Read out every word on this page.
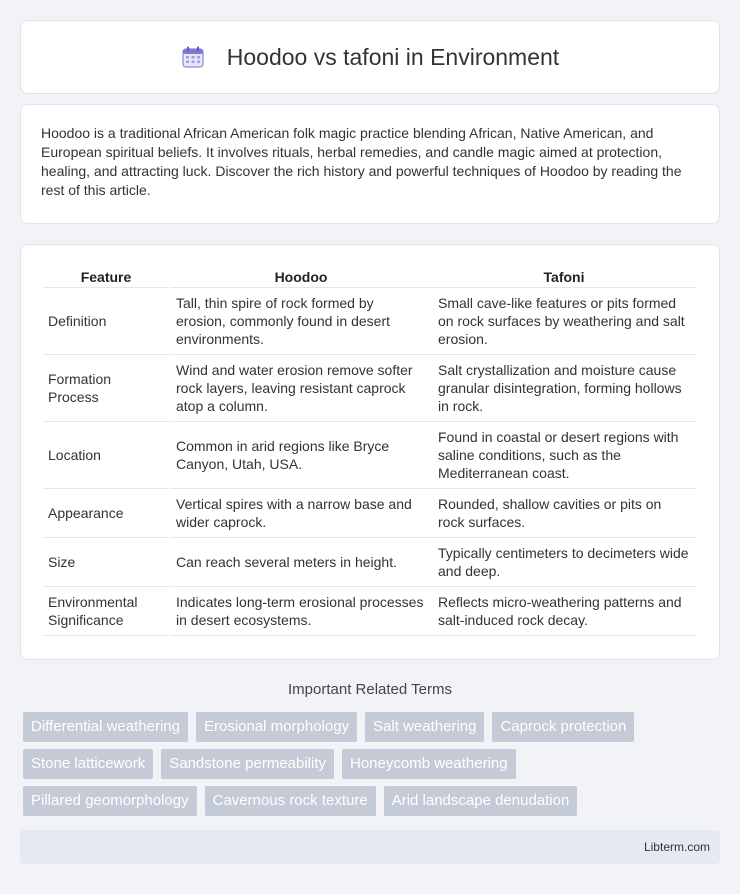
Hoodoo vs tafoni in Environment

Hoodoo is a traditional African American folk magic practice blending African, Native American, and European spiritual beliefs. It involves rituals, herbal remedies, and candle magic aimed at protection, healing, and attracting luck. Discover the rich history and powerful techniques of Hoodoo by reading the rest of this article.

Feature	Hoodoo	Tafoni
Definition	Tall, thin spire of rock formed by erosion, commonly found in desert environments.	Small cave-like features or pits formed on rock surfaces by weathering and salt erosion.
Formation Process	Wind and water erosion remove softer rock layers, leaving resistant caprock atop a column.	Salt crystallization and moisture cause granular disintegration, forming hollows in rock.
Location	Common in arid regions like Bryce Canyon, Utah, USA.	Found in coastal or desert regions with saline conditions, such as the Mediterranean coast.
Appearance	Vertical spires with a narrow base and wider caprock.	Rounded, shallow cavities or pits on rock surfaces.
Size	Can reach several meters in height.	Typically centimeters to decimeters wide and deep.
Environmental Significance	Indicates long-term erosional processes in desert ecosystems.	Reflects micro-weathering patterns and salt-induced rock decay.
Important Related Terms
Differential weathering	Erosional morphology	Salt weathering	Caprock protection
Stone latticework	Sandstone permeability	Honeycomb weathering
Pillared geomorphology	Cavernous rock texture	Arid landscape denudation
Libterm.com
